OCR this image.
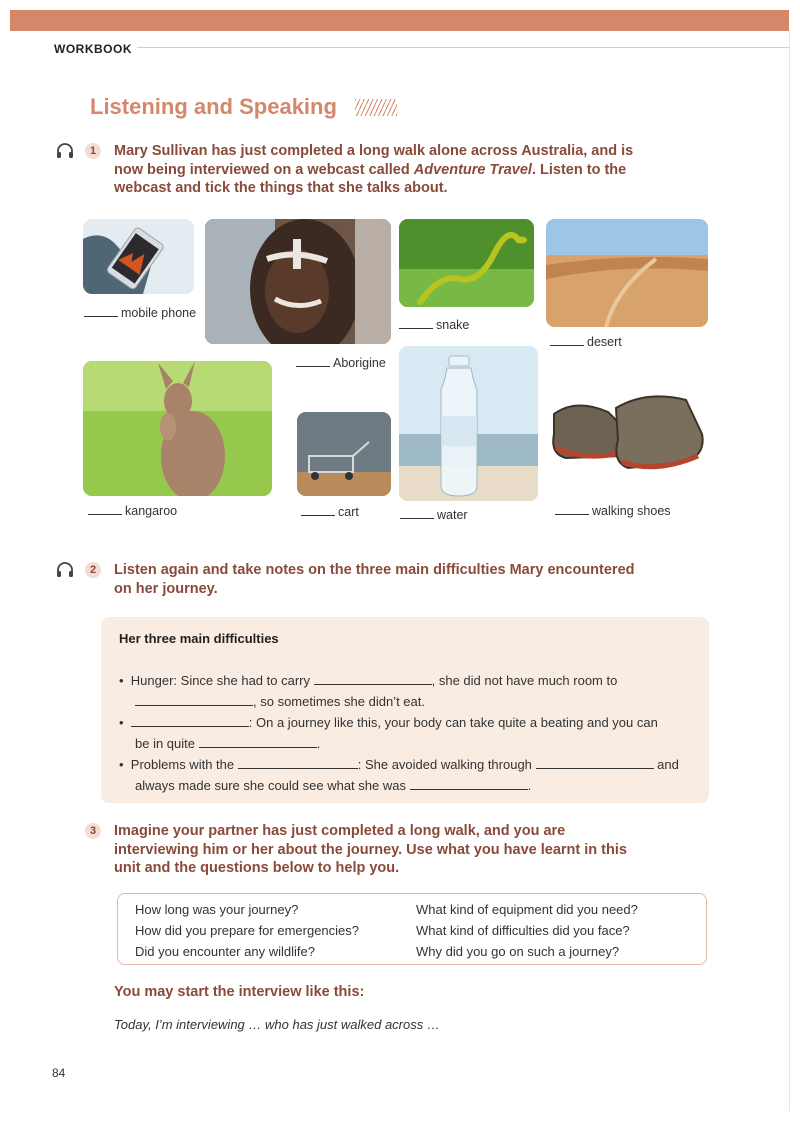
WORKBOOK
Listening and Speaking
1	Mary Sullivan has just completed a long walk alone across Australia, and is
now being interviewed on a webcast called Adventure Travel. Listen to the
webcast and tick the things that she talks about.
mobile phone
Aborigine
snake
desert
kangaroo	cart	water	walking shoes
2	Listen again and take notes on the three main difficulties Mary encountered
on her journey.
Her three main difficulties
•  Hunger: Since she had to carry	, she did not have much room to
, so sometimes she didn’t eat.
•	: On a journey like this, your body can take quite a beating and you can
be in quite	.
•  Problems with the	: She avoided walking through	and
always made sure she could see what she was	.
3	Imagine your partner has just completed a long walk, and you are
interviewing him or her about the journey. Use what you have learnt in this
unit and the questions below to help you.
How long was your journey?
How did you prepare for emergencies?
Did you encounter any wildlife?
What kind of equipment did you need?
What kind of difficulties did you face?
Why did you go on such a journey?
You may start the interview like this:
Today, I’m interviewing … who has just walked across …
84
